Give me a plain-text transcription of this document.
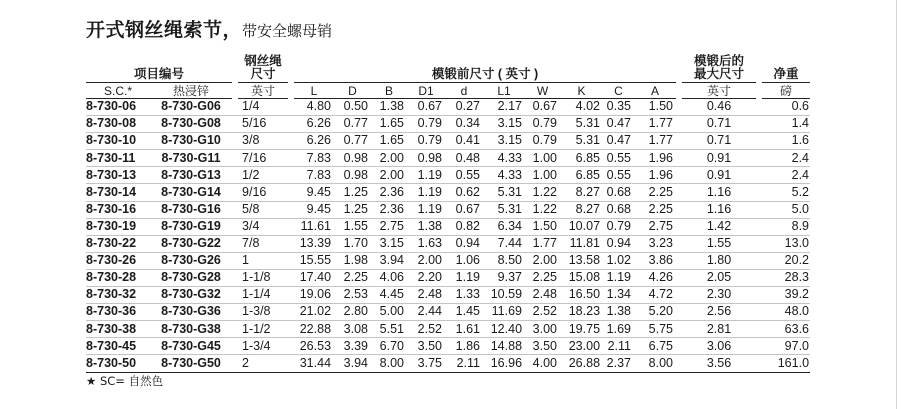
开式钢丝绳索节，带安全螺母销
项目编号			钢丝绳
尺寸		模锻前尺寸 ( 英寸 )											模锻后的
最大尺寸		净重
S.C.*	热浸锌		英寸		L	D	B	D1	d	L1	W	K	C	A		英寸		磅
8-730-06	8-730-G06		1/4		4.80	0.50	1.38	0.67	0.27	2.17	0.67	4.02	0.35	1.50		0.46		0.6
8-730-08	8-730-G08		5/16		6.26	0.77	1.65	0.79	0.34	3.15	0.79	5.31	0.47	1.77		0.71		1.4
8-730-10	8-730-G10		3/8		6.26	0.77	1.65	0.79	0.41	3.15	0.79	5.31	0.47	1.77		0.71		1.6
8-730-11	8-730-G11		7/16		7.83	0.98	2.00	0.98	0.48	4.33	1.00	6.85	0.55	1.96		0.91		2.4
8-730-13	8-730-G13		1/2		7.83	0.98	2.00	1.19	0.55	4.33	1.00	6.85	0.55	1.96		0.91		2.4
8-730-14	8-730-G14		9/16		9.45	1.25	2.36	1.19	0.62	5.31	1.22	8.27	0.68	2.25		1.16		5.2
8-730-16	8-730-G16		5/8		9.45	1.25	2.36	1.19	0.67	5.31	1.22	8.27	0.68	2.25		1.16		5.0
8-730-19	8-730-G19		3/4		11.61	1.55	2.75	1.38	0.82	6.34	1.50	10.07	0.79	2.75		1.42		8.9
8-730-22	8-730-G22		7/8		13.39	1.70	3.15	1.63	0.94	7.44	1.77	11.81	0.94	3.23		1.55		13.0
8-730-26	8-730-G26		1		15.55	1.98	3.94	2.00	1.06	8.50	2.00	13.58	1.02	3.86		1.80		20.2
8-730-28	8-730-G28		1-1/8		17.40	2.25	4.06	2.20	1.19	9.37	2.25	15.08	1.19	4.26		2.05		28.3
8-730-32	8-730-G32		1-1/4		19.06	2.53	4.45	2.48	1.33	10.59	2.48	16.50	1.34	4.72		2.30		39.2
8-730-36	8-730-G36		1-3/8		21.02	2.80	5.00	2.44	1.45	11.69	2.52	18.23	1.38	5.20		2.56		48.0
8-730-38	8-730-G38		1-1/2		22.88	3.08	5.51	2.52	1.61	12.40	3.00	19.75	1.69	5.75		2.81		63.6
8-730-45	8-730-G45		1-3/4		26.53	3.39	6.70	3.50	1.86	14.88	3.50	23.00	2.11	6.75		3.06		97.0
8-730-50	8-730-G50		2		31.44	3.94	8.00	3.75	2.11	16.96	4.00	26.88	2.37	8.00		3.56		161.0
★ SC= 自然色
